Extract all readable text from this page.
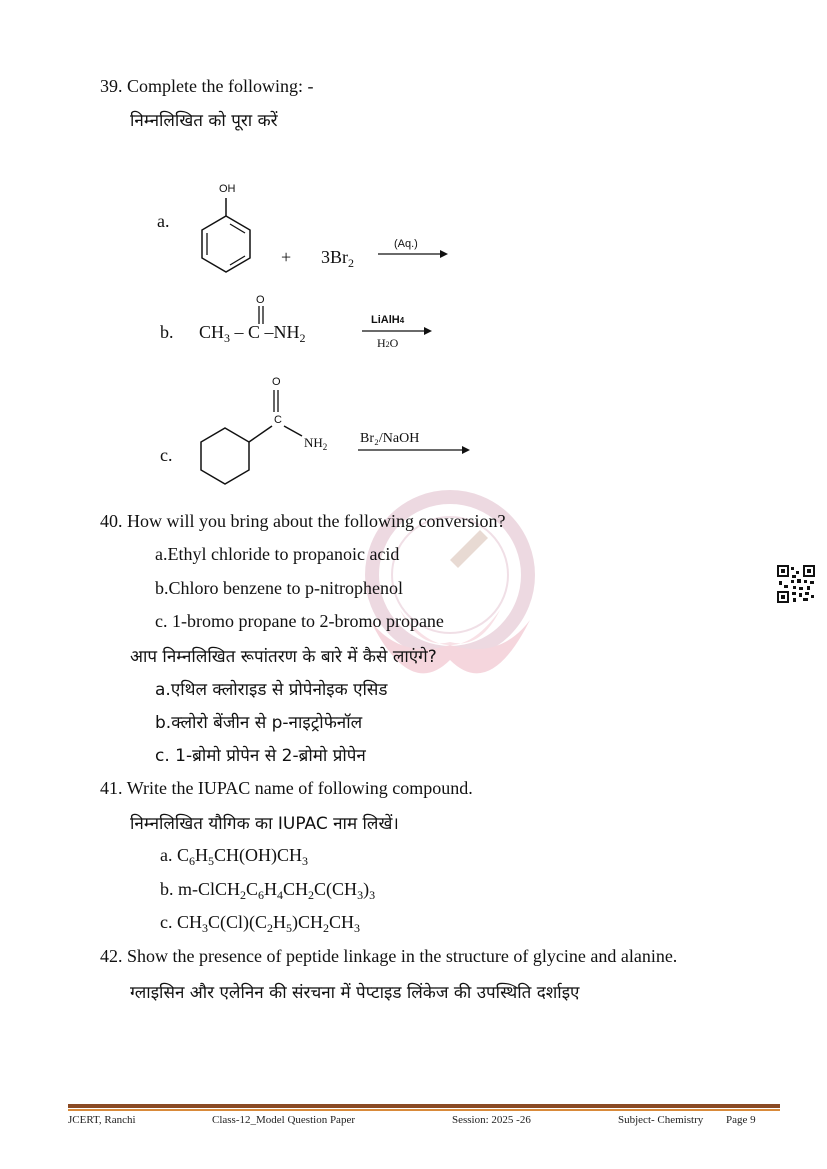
39. Complete the following: -
निम्नलिखित को पूरा करें
a.
OH
+ $3Br_2$
(Aq.)
b. $CH_3$ – C $-NH_2$
O
LiAlH4
H2O
c.
O
C
$NH_2$
Br₂/NaOH
40. How will you bring about the following conversion?
a.Ethyl chloride to propanoic acid
b.Chloro benzene to p-nitrophenol
c. 1-bromo propane to 2-bromo propane
आप निम्नलिखित रूपांतरण के बारे में कैसे लाएंगे?
a.एथिल क्लोराइड से प्रोपेनोइक एसिड
b.क्लोरो बेंजीन से p-नाइट्रोफेनॉल
c. 1-ब्रोमो प्रोपेन से 2-ब्रोमो प्रोपेन
41. Write the IUPAC name of following compound.
निम्नलिखित यौगिक का IUPAC नाम लिखें।
a. $C_6H_5CH(OH)CH_3$
b. $m-ClCH_2C_6H_4CH_2C(CH_3)_3$
c. $CH_3C(Cl)(C_2H_5)CH_2CH_3$
42. Show the presence of peptide linkage in the structure of glycine and alanine.
ग्लाइसिन और एलेनिन की संरचना में पेप्टाइड लिंकेज की उपस्थिति दर्शाइए
JCERT, Ranchi	Class-12_Model Question Paper	Session: 2025 -26	Subject- Chemistry Page 9
